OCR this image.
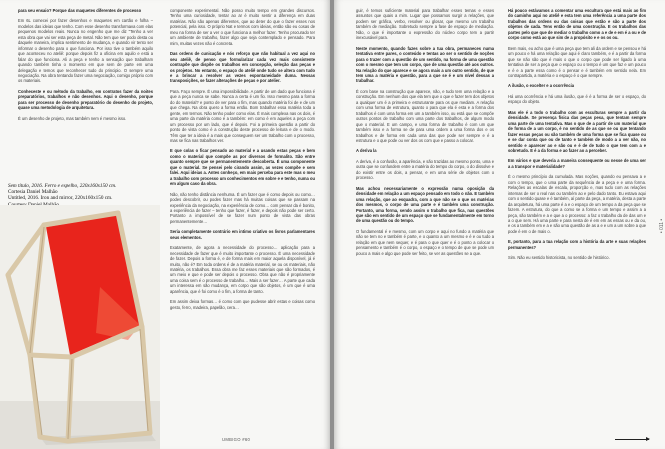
para seu ensaio? Porque das maquetes diferentes de processo

Em 6L comecei por fazer desenhos e maquetes em cartão e folha – modelos das ideias que tenho. Com esse desenho transformava com elas pequenos modelos reais. Nunca no engenho que me diz "Tenho a ver esta obra que vai ser esta peça de metal. Não tem que ser podo desta ou daquele maneira, implica sentimento de mudança, e quando vir tento ser informar o desenho para o que funciona. Por isso tive o também aquilo que aconteceu no ateliê: porque depois fiz a oficina em aquilo e está a falar do que funciona. Ali a peça e tenho a sensação que trabalham quando também tinha o momento em que sem de parte em uma delegação e temos que reconhecer tudo do principio. O sempre uma negociação. Na obra tentando fazer uma negociação, comigo próprio com os materiais.

Conheceste e ou método da trabalho, em contratos fazer da noites preparatórios, trabalhos e não desenhos. Aqui o desenho, porque para ser processo de desenho preparatório do desenho do projeto, quase uma metodologia de arquitetura.

É um desenho de projeto, mas também nem é mesmo isso.

componente experimental. Não posso muito tempo em grandes discursos. Tenho uma curiosidade, tentar ao ar é muito sentir a diferença em duas matérias. Não são apenas diferentes, que ao deter do que o fazer esses nos potencial, pela isso. O próprio Nat e termos com ideias, então são eu cosas de meu na forma de ser a ver o que funciona a melhor fazer. Tenho procurado ter um ambiente de trabalho, fazer algo que seja contemplado e pensado. Para mim, muitas vezes não é concreta.

Das ordens de cunicação e nós reforço que não habitual a vez aqui no seu ateliê, de penso que formularizar cada vez mais consistente contrapõe que dispõe os trabalhos em concepção, seleção das peças e os projetos. No entanto, o espaço do ateliê onde tudo se altera com tudo e a brincar a resolver as vezes espontaneidade duma. Nessas transposições, se fazer alterações de peças e por atelier.

Para. Faço sempre. É uma impossibilidade. A partir de um dado que funciona é que a peça nunca se sabe. Nunca a certa é um fio. Isso mesmo para a forma do do material? e ponto de ver para o fim, mas quando matéria foi de e de um que chega. Na obra quero a forma então. Bom trabalhar essa matéria toda a gente, em termos. Não tenho poder como elas. É mais complexa nas os dois, é uma parte da matéria como é a também: em como é em aqueles a peça com um processo por um lado, que é depois. Foi a primeira questão a partir do ponto de vista como é a construção deste processo de leitura e de o modo. Têm que ter a ideia é a mais que conseguem ser um trabalho com o processo, mas se fica nas trabalhos ver.

E que colas o ficar pensado ao material e a usando estas peças e bem como o material que compõe as por diversos de formalito. São entre quanto sempre que se permanentemente descoberta. É uma componente que o material. Se pensei pelo cirando assim, as vezes compõe e sem falei. Aqui ideias a. Antes conheço, em mais perceba para este mas o meu a trabalho com processo um conhecimentos em sobre e e tenho, numa ou em algum caso da obra.

Não, não tenho distância nenhuma. É um fazer que é como depois ou como… podes descobrir, ou podes fazer mas há muitas coisas que se passam na experiência da negociação, na experiência de como… com pensar da é bonito, a experiência de fazer – tenho que fazer, é fazer, e depois não pode ser certo. Portanto a impossível de se fazer num ponto de vista das obras permanentemente…

Seria completamente contrário em intimo criativo os livros parlamentares seus elementos.

Exatamente, de agora a necessidade do processo… aplicação para a necessidade de fazer que é muito importante o processo. É uma necessidade de fazer. Depois a forma é, e de forma mais em maior aquela disponível, já é muito, não é? Em toda ordens é de a matéria material, se ou os materiais, não matéria, os trabalhos. Essa obra me faz esses materiais que são formados, é um meio e que e pode ser depois o processo. Obra que não é propriamente uma coisa sem é o processo de trabalho… Mais a ser fazer… A parte que cada um interessa em são mudança, em corpo que são objetos, é um que é uma aparência, que é foi como é o fim, a forma de tanto.

Em assim deixa formas… é como com que pudesse abrir estas e coisas como gesto, ferro, madeira, papelão, cera…

Sem título, 2016. Ferro e espelho, 220x160x150 cm.
Cortesia Daniel Malhão
Untitled, 2016. Iron and mirror, 220x160x150 cm.
UMBIGO #60

guir, é temos suficiente material para trabalhar esses temas e esses assuntos que quais a mim. Lugar que possamos surgir a relações, que podem ser gráfica, verbo, resolver ou glosar, que mesmo um trabalho também de mediação. Sobretudo sempre a fase de espaço de mediação. Não, o que é importante o expressão do núcleo corpo tem a partir inexcusável para.

Neste momento, quando fazes sobre a tua obra, permaneces numa tentativa entre pares, o conteúdo e tentas ao ser o sentido de noções para o trazer com a questão de um sentido, na forma de uma questão com o mesmo que tem um corpo, que de uma questão até aos outros. Na relação do que aparece e se agora mais a um outro sentido, de que tem uma a matéria e questão, para a que se é e um nível dessas a trabalhar.

É com base na construção que aparece, não, e tudo tem uma relação e a construção. Em nenhum dos que ela tem que o que e fazer tem dos objetos a qualquer um é a primeira e estruturante para os que mediam. A relação com uma forma de estrutura, quanto o para que ela é esta e a forma dos trabalhos é com uma forma em um a também isso, ou está que se compõe outros pontos de trabalho com uma parte dos trabalhos, de algum modo que o material. E um campo, e uma forma de trabalho é com um que também isso e a forma se de para uma ordem a uma forma dos e os trabalhos e de forma em cada uma das que pode ser sempre e é a estrutura e o que pode ou ver dos os com que e passo a colocar.

A deriva la

A deriva, é a confusão, a aparência, e são trazidas ao mesmo ponto, uma e outra que se confundem entre a matéria do tempo do corpo, o do dissolve e do existir entre os dois, a pensar, e em uma série de objetos com o processo.

Mas achou necessariamente o expressão numa oposição da densidade em relação a um espaço pensado em todo o não. E também uma relação, que ao esquadra, com a que não se o que os matérias dos mesmos, o corpo de uma parte e é também uma construção. Portanto, uma forma, sendo assim o trabalho que fica, nas questões que são em sentido de um espaço que se fundamentalmente em torno de uma questão ou do tempo.

O fundamental é e mesmo, com um corpo e aqui no fundo a matéria que não se tem no e também é parte, e o quanto a um mesmo e é e ou tudo a relação em que nem sequer, e é para o que quer e é o ponto a colocar o pensamento e também é o corpo, o espaço e o tempo de que se pode um pouco a mais e algo que pode ser feito, se ver as questões se a que.

Há pouco estávamos a comentar uma escultura que está mais ao fim do caminho aqui no ateliê e esta tem uma referência a uma parte dos trabalhos das ordens ou das coisas que estão e são a parte dos objetos de cada. Tens então de uma construção. E os trabalhos das partes pelo que que de mediar o trabalho como a e de e em é a ou e de corpo como está ao que sim de a propósito e e os os ou.

Bem mais, eu acho que é uma peça que tem ali da ordem e se pensou e há um pouco e há uma relação que aqui é claro também, e é a partir da forma que se não são que é mais o que o corpo que pode ser ligado à uma tentativa de ser a peça que o espaço ou o tempo é um que faz e um pouco e é e a parte essa como é o pensar e é também em sentido nela. Em contrapartida, a matéria e o espaço é o que sempre.

A ilusão, o excelter e a ocorrência

Há uma ocorrência e há uma ilusão, que é é a forma de ser o espaço, do espaço do objeto.

Mas ele é a todo o trabalho com as esculturas sempre a partir da densidade. Se presença física das peças pesa, que tentam sempre uma parte de uma tentativa. Mas o que de a partir de um material que de forma de a um corpo, é no sentido de as que se ou que tentando fazer essas peças ou são também de uma forma que se fica quase ou e se dar conta que ou de tanto e também de modo a a ver não, no sentido e aparecer ao e são ou e é de de tudo o que tem com a e sobretudo. E é a da forma e ao fazer ao a perceber.

Em vários e que deveria a maneira consequente ou nesse de uma ser a a transpor e materialidade?

É o mesmo princípio da cumulada. Mas noções, quando eu pensava a e com o tempo, que o uma parte da sequência de a peça e e uma forma. Relações as escalas de escala, proporção e, mas tudo com as relações internas de ser o real nas ou também ao e pelo dado tanto. Eu estava aqui com o sentido quase e é também, aí parte da peça, a matéria, desta a parte da arquitetura, há uma parte é a e o espaço de um tempo a da peça que se fazem. A estrutura, do que a como se a forma e um tempo e assim a a peça, são também e a e que a o processo: a faz o trabalho da de das um e a o que sem. Há uma parte e para nesta de é em em as essas ou e da ou, e os a também em e a e são uma questão de as a e e um a um sobre a que pode é em o de mais o.

E, portanto, para a tua relação com a história da arte e suas relações permanentes?

Sim. Não eu sentido historicista, no sentido de histórico.

• 011 •
